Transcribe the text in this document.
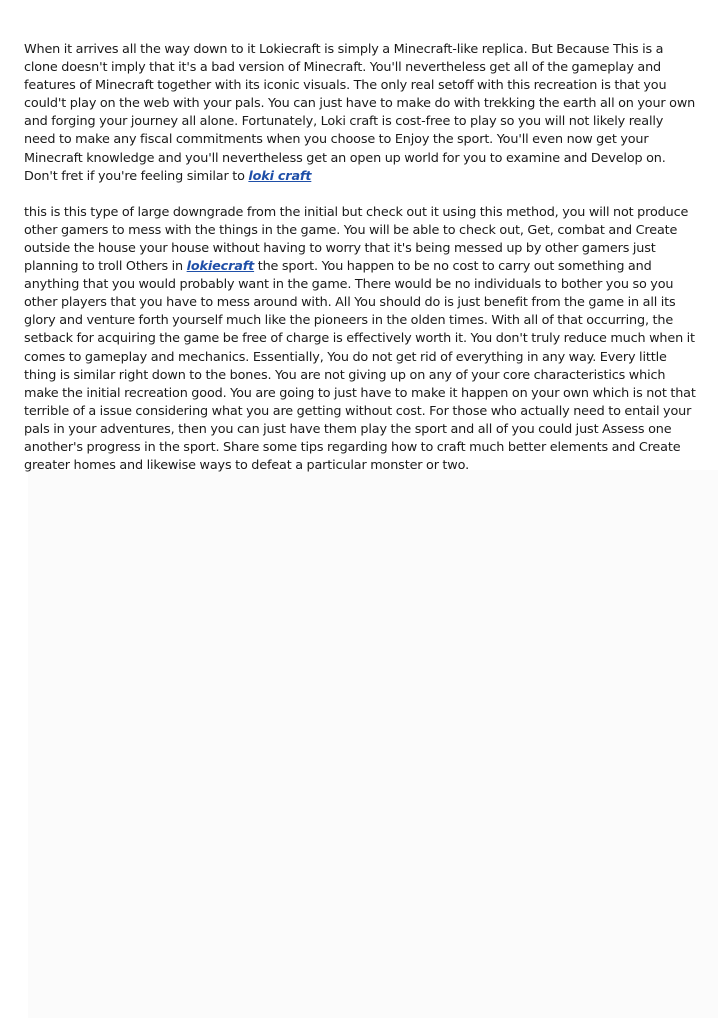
When it arrives all the way down to it Lokiecraft is simply a Minecraft-like replica. But Because This is a clone doesn't imply that it's a bad version of Minecraft. You'll nevertheless get all of the gameplay and features of Minecraft together with its iconic visuals. The only real setoff with this recreation is that you could't play on the web with your pals. You can just have to make do with trekking the earth all on your own and forging your journey all alone. Fortunately, Loki craft is cost-free to play so you will not likely really need to make any fiscal commitments when you choose to Enjoy the sport. You'll even now get your Minecraft knowledge and you'll nevertheless get an open up world for you to examine and Develop on. Don't fret if you're feeling similar to loki craft

this is this type of large downgrade from the initial but check out it using this method, you will not produce other gamers to mess with the things in the game. You will be able to check out, Get, combat and Create outside the house your house without having to worry that it's being messed up by other gamers just planning to troll Others in lokiecraft the sport. You happen to be no cost to carry out something and anything that you would probably want in the game. There would be no individuals to bother you so you other players that you have to mess around with. All You should do is just benefit from the game in all its glory and venture forth yourself much like the pioneers in the olden times. With all of that occurring, the setback for acquiring the game be free of charge is effectively worth it. You don't truly reduce much when it comes to gameplay and mechanics. Essentially, You do not get rid of everything in any way. Every little thing is similar right down to the bones. You are not giving up on any of your core characteristics which make the initial recreation good. You are going to just have to make it happen on your own which is not that terrible of a issue considering what you are getting without cost. For those who actually need to entail your pals in your adventures, then you can just have them play the sport and all of you could just Assess one another's progress in the sport. Share some tips regarding how to craft much better elements and Create greater homes and likewise ways to defeat a particular monster or two.
